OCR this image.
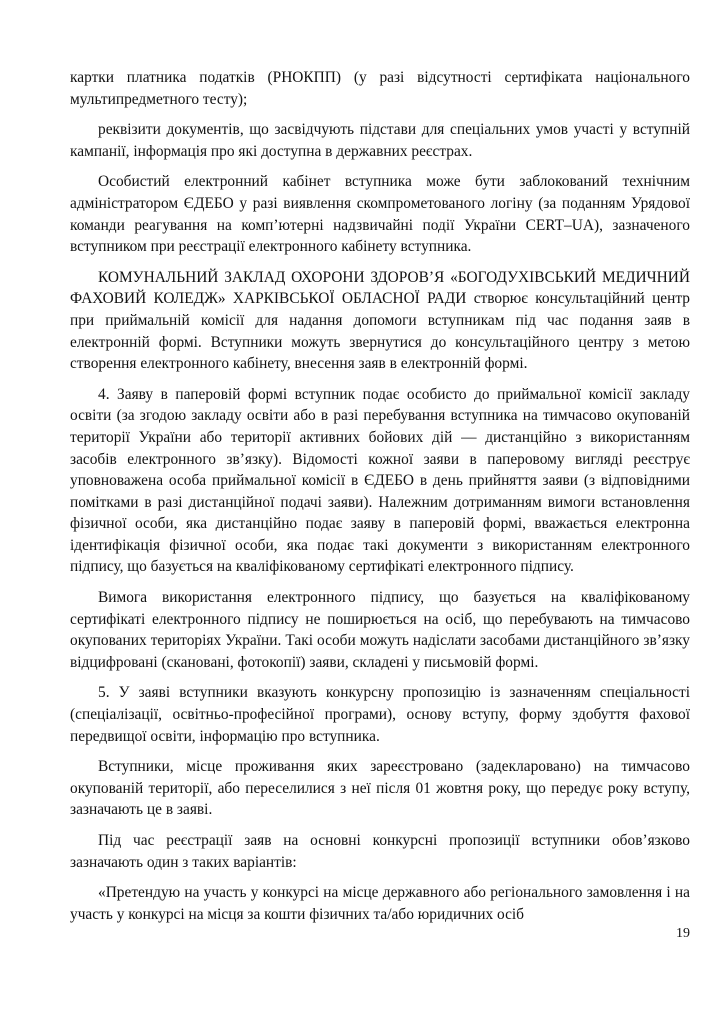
картки платника податків (РНОКПП) (у разі відсутності сертифіката національного мультипредметного тесту);

реквізити документів, що засвідчують підстави для спеціальних умов участі у вступній кампанії, інформація про які доступна в державних реєстрах.

Особистий електронний кабінет вступника може бути заблокований технічним адміністратором ЄДЕБО у разі виявлення скомпрометованого логіну (за поданням Урядової команди реагування на комп’ютерні надзвичайні події України CERT–UA), зазначеного вступником при реєстрації електронного кабінету вступника.

КОМУНАЛЬНИЙ ЗАКЛАД ОХОРОНИ ЗДОРОВ’Я «БОГОДУХІВСЬКИЙ МЕДИЧНИЙ ФАХОВИЙ КОЛЕДЖ» ХАРКІВСЬКОЇ ОБЛАСНОЇ РАДИ створює консультаційний центр при приймальній комісії для надання допомоги вступникам під час подання заяв в електронній формі. Вступники можуть звернутися до консультаційного центру з метою створення електронного кабінету, внесення заяв в електронній формі.

4. Заяву в паперовій формі вступник подає особисто до приймальної комісії закладу освіти (за згодою закладу освіти або в разі перебування вступника на тимчасово окупованій території України або території активних бойових дій — дистанційно з використанням засобів електронного зв’язку). Відомості кожної заяви в паперовому вигляді реєструє уповноважена особа приймальної комісії в ЄДЕБО в день прийняття заяви (з відповідними помітками в разі дистанційної подачі заяви). Належним дотриманням вимоги встановлення фізичної особи, яка дистанційно подає заяву в паперовій формі, вважається електронна ідентифікація фізичної особи, яка подає такі документи з використанням електронного підпису, що базується на кваліфікованому сертифікаті електронного підпису.

Вимога використання електронного підпису, що базується на кваліфікованому сертифікаті електронного підпису не поширюється на осіб, що перебувають на тимчасово окупованих територіях України. Такі особи можуть надіслати засобами дистанційного зв’язку відцифровані (скановані, фотокопії) заяви, складені у письмовій формі.

5. У заяві вступники вказують конкурсну пропозицію із зазначенням спеціальності (спеціалізації, освітньо-професійної програми), основу вступу, форму здобуття фахової передвищої освіти, інформацію про вступника.

Вступники, місце проживання яких зареєстровано (задекларовано) на тимчасово окупованій території, або переселилися з неї після 01 жовтня року, що передує року вступу, зазначають це в заяві.

Під час реєстрації заяв на основні конкурсні пропозиції вступники обов’язково зазначають один з таких варіантів:

«Претендую на участь у конкурсі на місце державного або регіонального замовлення і на участь у конкурсі на місця за кошти фізичних та/або юридичних осіб

19
